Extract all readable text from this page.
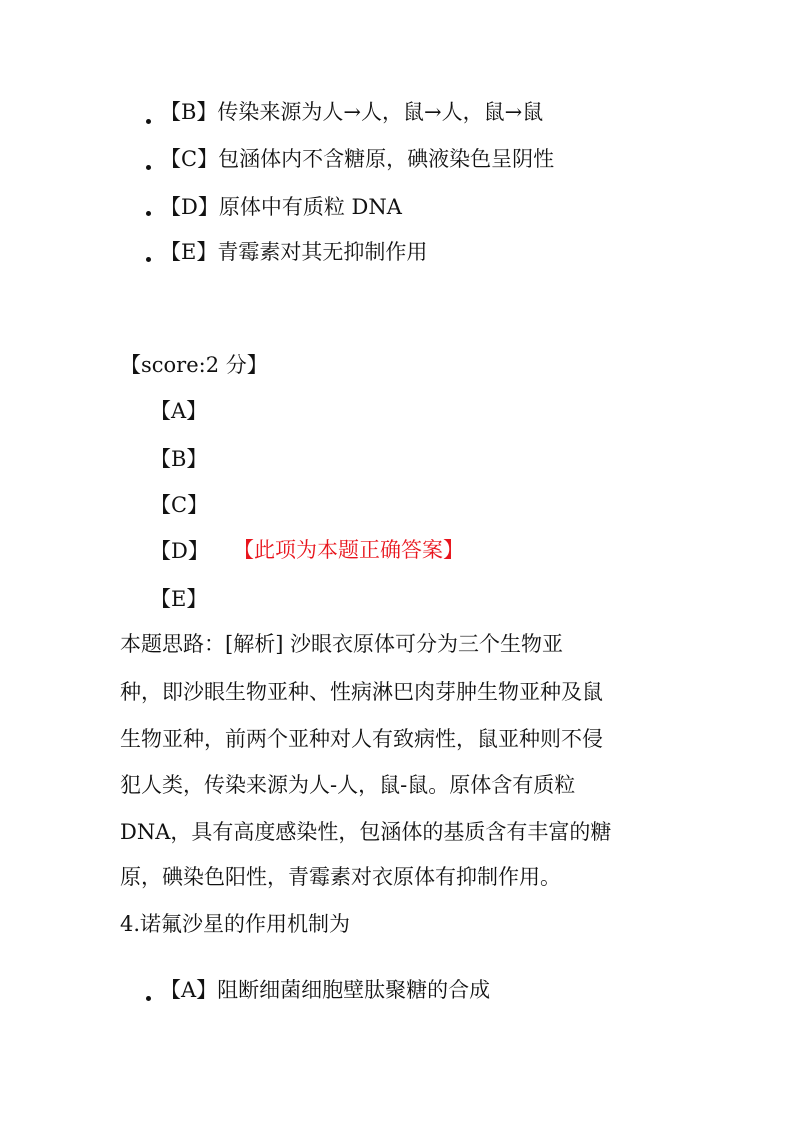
【B】传染来源为人→人，鼠→人，鼠→鼠
【C】包涵体内不含糖原，碘液染色呈阴性
【D】原体中有质粒 DNA
【E】青霉素对其无抑制作用
【score:2 分】
【A】
【B】
【C】
【D】 【此项为本题正确答案】
【E】
本题思路：[解析] 沙眼衣原体可分为三个生物亚
种，即沙眼生物亚种、性病淋巴肉芽肿生物亚种及鼠
生物亚种，前两个亚种对人有致病性，鼠亚种则不侵
犯人类，传染来源为人-人，鼠-鼠。原体含有质粒
DNA，具有高度感染性，包涵体的基质含有丰富的糖
原，碘染色阳性，青霉素对衣原体有抑制作用。
4.诺氟沙星的作用机制为
【A】阻断细菌细胞壁肽聚糖的合成
